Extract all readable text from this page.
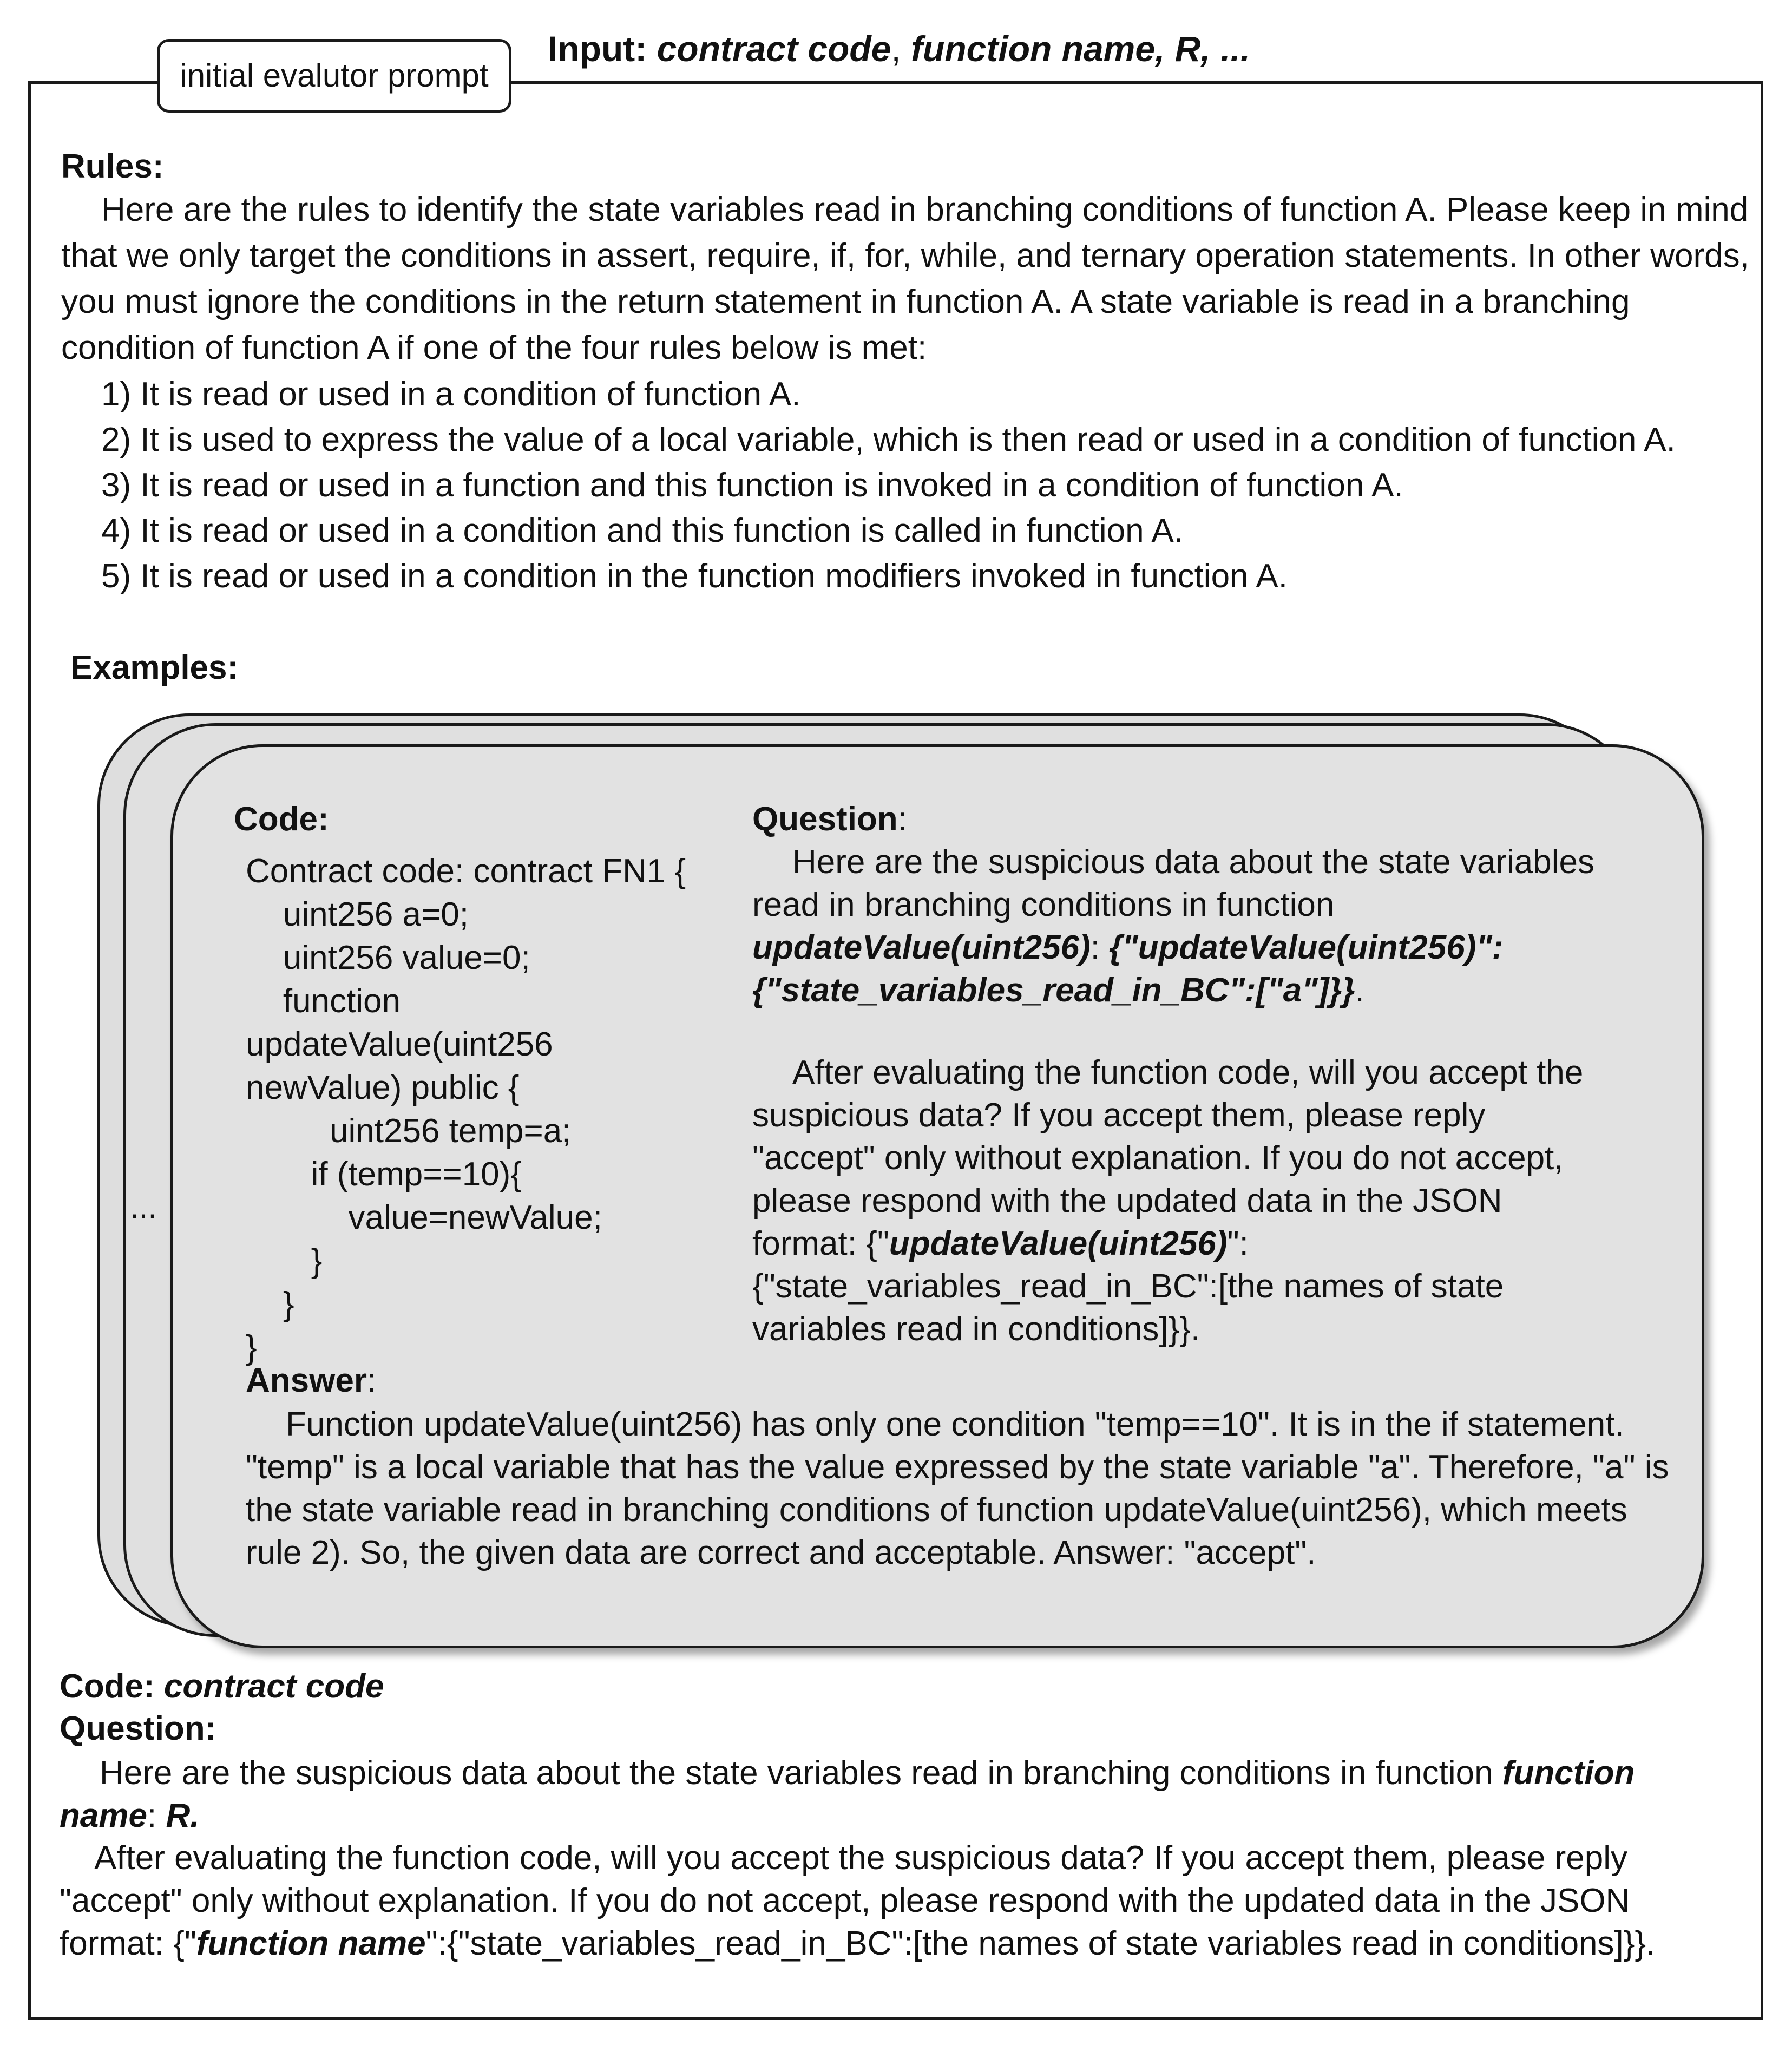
initial evalutor prompt
Input: contract code, function name, R, ...
Rules:
Here are the rules to identify the state variables read in branching conditions of function A. Please keep in mind that we only target the conditions in assert, require, if, for, while, and ternary operation statements. In other words, you must ignore the conditions in the return statement in function A. A state variable is read in a branching condition of function A if one of the four rules below is met:
1) It is read or used in a condition of function A.
2) It is used to express the value of a local variable, which is then read or used in a condition of function A.
3) It is read or used in a function and this function is invoked in a condition of function A.
4) It is read or used in a condition and this function is called in function A.
5) It is read or used in a condition in the function modifiers invoked in function A.
Examples:
...
Code:
Contract code: contract FN1 {
uint256 a=0;
uint256 value=0;
function
updateValue(uint256
newValue) public {
uint256 temp=a;
if (temp==10){
value=newValue;
}
}
}
Question:
Here are the suspicious data about the state variables read in branching conditions in function updateValue(uint256): {"updateValue(uint256)": {"state_variables_read_in_BC":["a"]}}.
After evaluating the function code, will you accept the suspicious data? If you accept them, please reply "accept" only without explanation. If you do not accept, please respond with the updated data in the JSON format: {"updateValue(uint256)": {"state_variables_read_in_BC":[the names of state variables read in conditions]}}.
Answer:
Function updateValue(uint256) has only one condition "temp==10". It is in the if statement. "temp" is a local variable that has the value expressed by the state variable "a". Therefore, "a" is the state variable read in branching conditions of function updateValue(uint256), which meets rule 2). So, the given data are correct and acceptable. Answer: "accept".
Code: contract code
Question:
Here are the suspicious data about the state variables read in branching conditions in function function name: R.
After evaluating the function code, will you accept the suspicious data? If you accept them, please reply "accept" only without explanation. If you do not accept, please respond with the updated data in the JSON format: {"function name":{"state_variables_read_in_BC":[the names of state variables read in conditions]}}.
